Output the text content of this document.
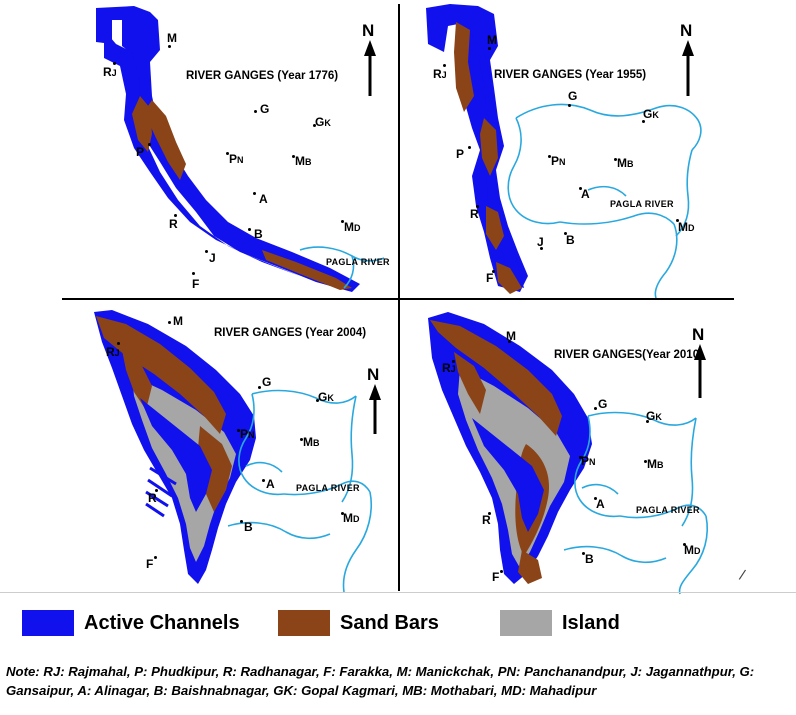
RIVER GANGES (Year 1776)
PAGLA RIVER
N
M
RJ
G
GK
P	PN	MB
A
R
B	MD
J
F
RIVER GANGES (Year 1955)
PAGLA RIVER
N
M
RJ
G
GK
P	PN	MB
A
R
MD
J B
F
RIVER GANGES (Year 2004)
PAGLA RIVER
N
M
RJ
G
GK
PN	MB
A
R
B
MD
F
RIVER GANGES(Year 2010)
PAGLA RIVER
N
M
RJ
G
GK
PN	MB
A
R
B
MD
F	/
Active Channels	Sand Bars	Island
Note: RJ: Rajmahal, P: Phudkipur, R: Radhanagar, F: Farakka, M: Manickchak, PN: Panchanandpur, J: Jagannathpur, G: Gansaipur, A: Alinagar, B: Baishnabnagar, GK: Gopal Kagmari, MB: Mothabari, MD: Mahadipur
